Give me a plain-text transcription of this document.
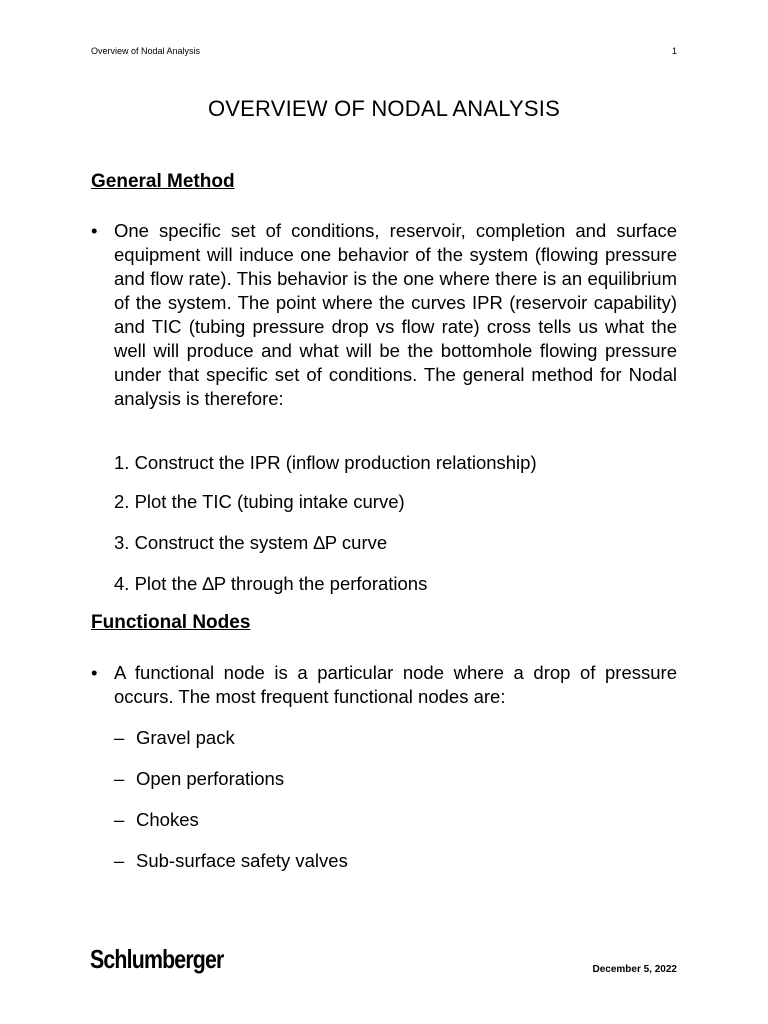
Overview of Nodal Analysis	1
OVERVIEW OF NODAL ANALYSIS
General Method
• One specific set of conditions, reservoir, completion and surface equipment will induce one behavior of the system (flowing pressure and flow rate). This behavior is the one where there is an equilibrium of the system. The point where the curves IPR (reservoir capability) and TIC (tubing pressure drop vs flow rate) cross tells us what the well will produce and what will be the bottomhole flowing pressure under that specific set of conditions. The general method for Nodal analysis is therefore:
1. Construct the IPR (inflow production relationship)
2. Plot the TIC (tubing intake curve)
3. Construct the system ∆P curve
4. Plot the ∆P through the perforations
Functional Nodes
• A functional node is a particular node where a drop of pressure occurs. The most frequent functional nodes are:
– Gravel pack
– Open perforations
– Chokes
– Sub-surface safety valves
Schlumberger	December 5, 2022
